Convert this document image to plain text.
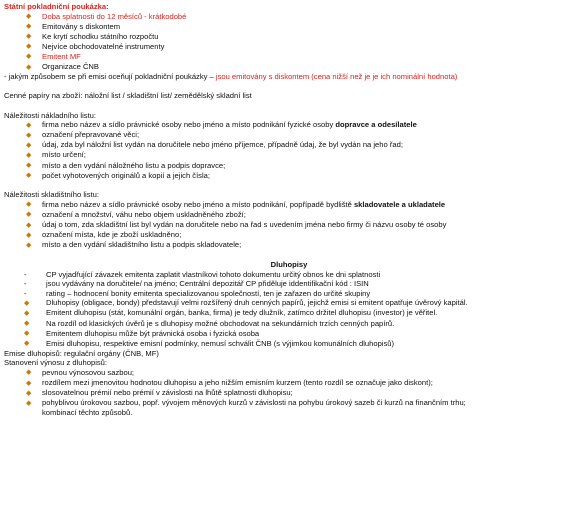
Státní pokladniční poukázka:
◆ Doba splatnosti do 12 měsíců - krátkodobé
◆ Emitovány s diskontem
◆ Ke krytí schodku státního rozpočtu
◆ Nejvíce obchodovatelné instrumenty
◆ Emitent MF
◆ Organizace ČNB
- jakým způsobem se při emisi oceňují pokladniční poukázky – jsou emitovány s diskontem (cena nižší než je je ich nominální hodnota)
Cenné papíry na zboží: náložní list / skladištní list/ zemědělský skladní list
Náležitosti nákladního listu:
◆ firma nebo název a sídlo právnické osoby nebo jméno a místo podnikání fyzické osoby dopravce a odesílatele
◆ označení přepravované věci;
◆ údaj, zda byl náložní list vydán na doručitele nebo jméno příjemce, případně údaj, že byl vydán na jeho řad;
◆ místo určení;
◆ místo a den vydání náložného listu a podpis dopravce;
◆ počet vyhotovených originálů a kopií a jejich čísla;
Náležitosti skladištního listu:
◆ firma nebo název a sídlo právnické osoby nebo jméno a místo podnikání, popřípadě bydliště skladovatele a ukladatele
◆ označení a množství, váhu nebo objem uskladněného zboží;
◆ údaj o tom, zda skladištní list byl vydán na doručitele nebo na řad s uvedením jména nebo firmy či názvu osoby té osoby
◆ označení místa, kde je zboží uskladněno;
◆ místo a den vydání skladištního listu a podpis skladovatele;
Dluhopisy
-	CP vyjadřující závazek emitenta zaplatit vlastníkovi tohoto dokumentu určitý obnos ke dni splatnosti
-	jsou vydávány na doručitele/ na jméno; Centrální depozitář CP přiděluje iddentifikační kód : ISIN
-	rating – hodnocení bonity emitenta specializovanou společností, ten je zařazen do určité skupiny
◆ Dluhopisy (obligace, bondy) představují velmi rozšířený druh cenných papírů, jejichž emisi si emitent opatřuje úvěrový kapitál.
◆ Emitent dluhopisu (stát, komunální orgán, banka, firma) je tedy dlužník, zatímco držitel dluhopisu (investor) je věřitel.
◆ Na rozdíl od klasických úvěrů je s dluhopisy možné obchodovat na sekundárních trzích cenných papírů.
◆ Emitentem dluhopisu může být právnická osoba i fyzická osoba
◆ Emisi dluhopisu, respektive emisní podmínky, nemusí schválit ČNB (s výjimkou komunálních dluhopisů)
Emise dluhopisů: regulační orgány (ČNB, MF)
Stanovení výnosu z dluhopisů:
◆ pevnou výnosovou sazbou;
◆ rozdílem mezi jmenovitou hodnotou dluhopisu a jeho nižším emisním kurzem (tento rozdíl se označuje jako diskont);
◆ slosovatelnou prémií nebo prémií v závislosti na lhůtě splatnosti dluhopisu;
◆ pohyblivou úrokovou sazbou, popř. vývojem měnových kurzů v závislosti na pohybu úrokový sazeb či kurzů na finančním trhu;
kombinací těchto způsobů.
